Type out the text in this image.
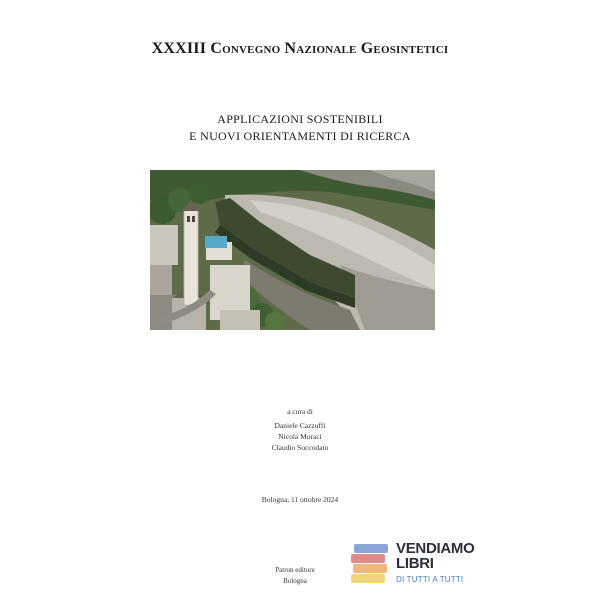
XXXIII Convegno Nazionale Geosintetici
APPLICAZIONI SOSTENIBILI
E NUOVI ORIENTAMENTI DI RICERCA
a cura di
Daniele Cazzuffi
Nicola Moraci
Claudio Soccodato
Bologna, 11 ottobre 2024
Patron editore
Bologna
VENDIAMO
LIBRI
DI TUTTI A TUTTI
